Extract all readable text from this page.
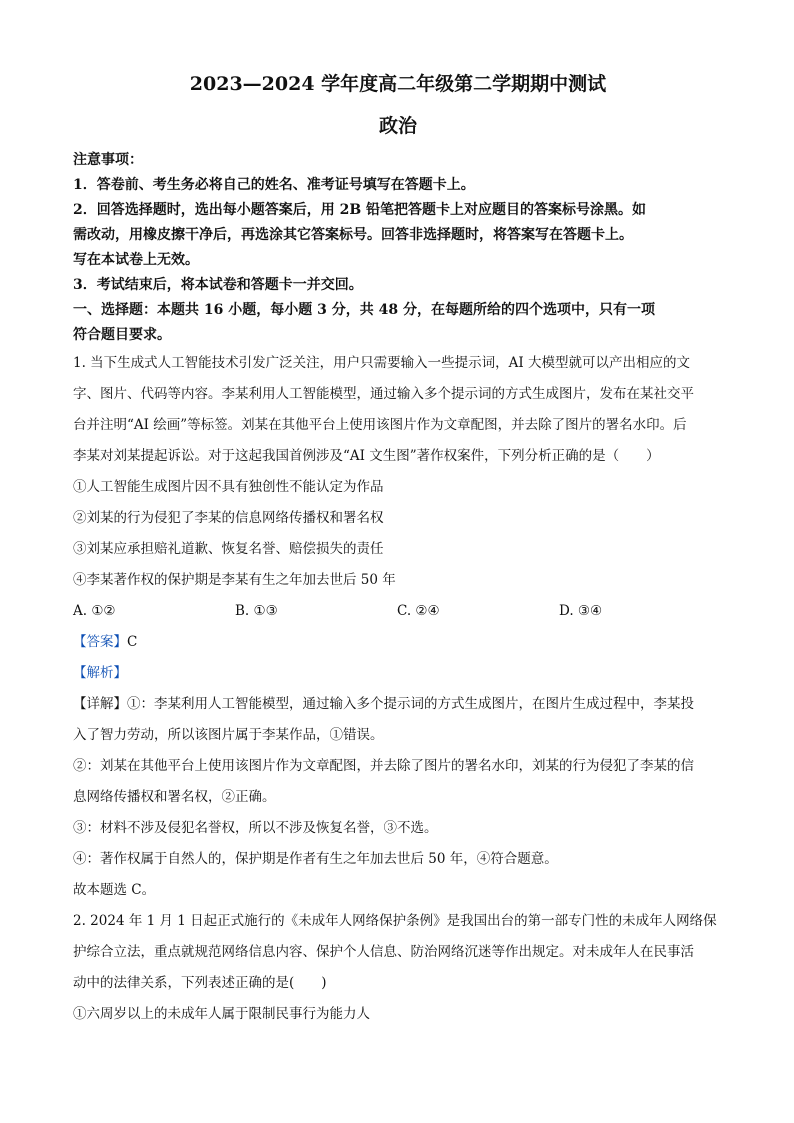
2023—2024 学年度高二年级第二学期期中测试
政治
注意事项：
1．答卷前、考生务必将自己的姓名、准考证号填写在答题卡上。
2．回答选择题时，选出每小题答案后，用 2B 铅笔把答题卡上对应题目的答案标号涂黑。如
需改动，用橡皮擦干净后，再选涂其它答案标号。回答非选择题时，将答案写在答题卡上。
写在本试卷上无效。
3．考试结束后，将本试卷和答题卡一并交回。
一、选择题：本题共 16 小题，每小题 3 分，共 48 分，在每题所给的四个选项中，只有一项
符合题目要求。
1. 当下生成式人工智能技术引发广泛关注，用户只需要输入一些提示词，AI 大模型就可以产出相应的文
字、图片、代码等内容。李某利用人工智能模型，通过输入多个提示词的方式生成图片，发布在某社交平
台并注明“AI 绘画”等标签。刘某在其他平台上使用该图片作为文章配图，并去除了图片的署名水印。后
李某对刘某提起诉讼。对于这起我国首例涉及“AI 文生图”著作权案件，下列分析正确的是（　　）
①人工智能生成图片因不具有独创性不能认定为作品
②刘某的行为侵犯了李某的信息网络传播权和署名权
③刘某应承担赔礼道歉、恢复名誉、赔偿损失的责任
④李某著作权的保护期是李某有生之年加去世后 50 年
A. ①②	B. ①③	C. ②④	D. ③④
【答案】C
【解析】
【详解】①：李某利用人工智能模型，通过输入多个提示词的方式生成图片，在图片生成过程中，李某投
入了智力劳动，所以该图片属于李某作品，①错误。
②：刘某在其他平台上使用该图片作为文章配图，并去除了图片的署名水印，刘某的行为侵犯了李某的信
息网络传播权和署名权，②正确。
③：材料不涉及侵犯名誉权，所以不涉及恢复名誉，③不选。
④：著作权属于自然人的，保护期是作者有生之年加去世后 50 年，④符合题意。
故本题选 C。
2. 2024 年 1 月 1 日起正式施行的《未成年人网络保护条例》是我国出台的第一部专门性的未成年人网络保
护综合立法，重点就规范网络信息内容、保护个人信息、防治网络沉迷等作出规定。对未成年人在民事活
动中的法律关系，下列表述正确的是(　　)
①六周岁以上的未成年人属于限制民事行为能力人
